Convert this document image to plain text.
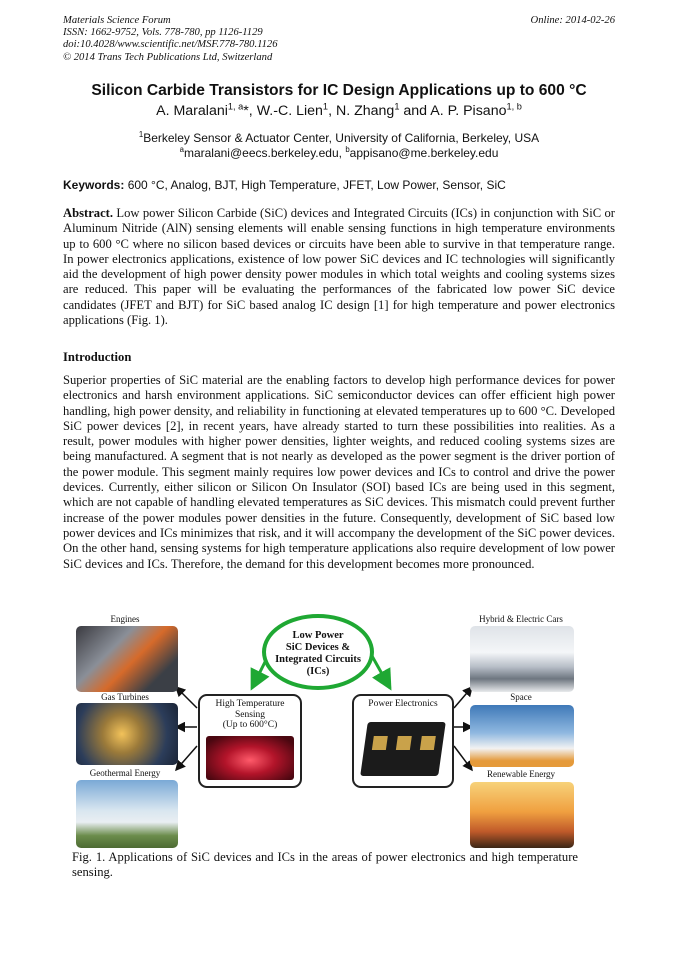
Materials Science Forum
ISSN: 1662-9752, Vols. 778-780, pp 1126-1129
doi:10.4028/www.scientific.net/MSF.778-780.1126
© 2014 Trans Tech Publications Ltd, Switzerland
Online: 2014-02-26
Silicon Carbide Transistors for IC Design Applications up to 600 °C
A. Maralani$^{1, a}$*, W.-C. Lien$^1$, N. Zhang$^1$ and A. P. Pisano$^{1, b}$
$^1$Berkeley Sensor & Actuator Center, University of California, Berkeley, USA
$^a$maralani@eecs.berkeley.edu, $^b$appisano@me.berkeley.edu
Keywords: 600 °C, Analog, BJT, High Temperature, JFET, Low Power, Sensor, SiC

Abstract. Low power Silicon Carbide (SiC) devices and Integrated Circuits (ICs) in conjunction with SiC or Aluminum Nitride (AlN) sensing elements will enable sensing functions in high temperature environments up to 600 °C where no silicon based devices or circuits have been able to survive in that temperature range. In power electronics applications, existence of low power SiC devices and IC technologies will significantly aid the development of high power density power modules in which total weights and cooling systems sizes are reduced. This paper will be evaluating the performances of the fabricated low power SiC device candidates (JFET and BJT) for SiC based analog IC design [1] for high temperature and power electronics applications (Fig. 1).

Introduction

Superior properties of SiC material are the enabling factors to develop high performance devices for power electronics and harsh environment applications. SiC semiconductor devices can offer efficient high power handling, high power density, and reliability in functioning at elevated temperatures up to 600 °C. Developed SiC power devices [2], in recent years, have already started to turn these possibilities into realities. As a result, power modules with higher power densities, lighter weights, and reduced cooling systems sizes are being manufactured. A segment that is not nearly as developed as the power segment is the driver portion of the power module. This segment mainly requires low power devices and ICs to control and drive the power devices. Currently, either silicon or Silicon On Insulator (SOI) based ICs are being used in this segment, which are not capable of handling elevated temperatures as SiC devices. This mismatch could prevent further increase of the power modules power densities in the future. Consequently, development of SiC based low power devices and ICs minimizes that risk, and it will accompany the development of the SiC power devices. On the other hand, sensing systems for high temperature applications also require development of low power SiC devices and ICs. Therefore, the demand for this development becomes more pronounced.

Engines
Gas Turbines
Geothermal Energy
Low Power
SiC Devices &
Integrated Circuits
(ICs)
High Temperature
Sensing
(Up to 600°C)
Power Electronics
Hybrid & Electric Cars
Space
Renewable Energy

Fig. 1. Applications of SiC devices and ICs in the areas of power electronics and high temperature sensing.
